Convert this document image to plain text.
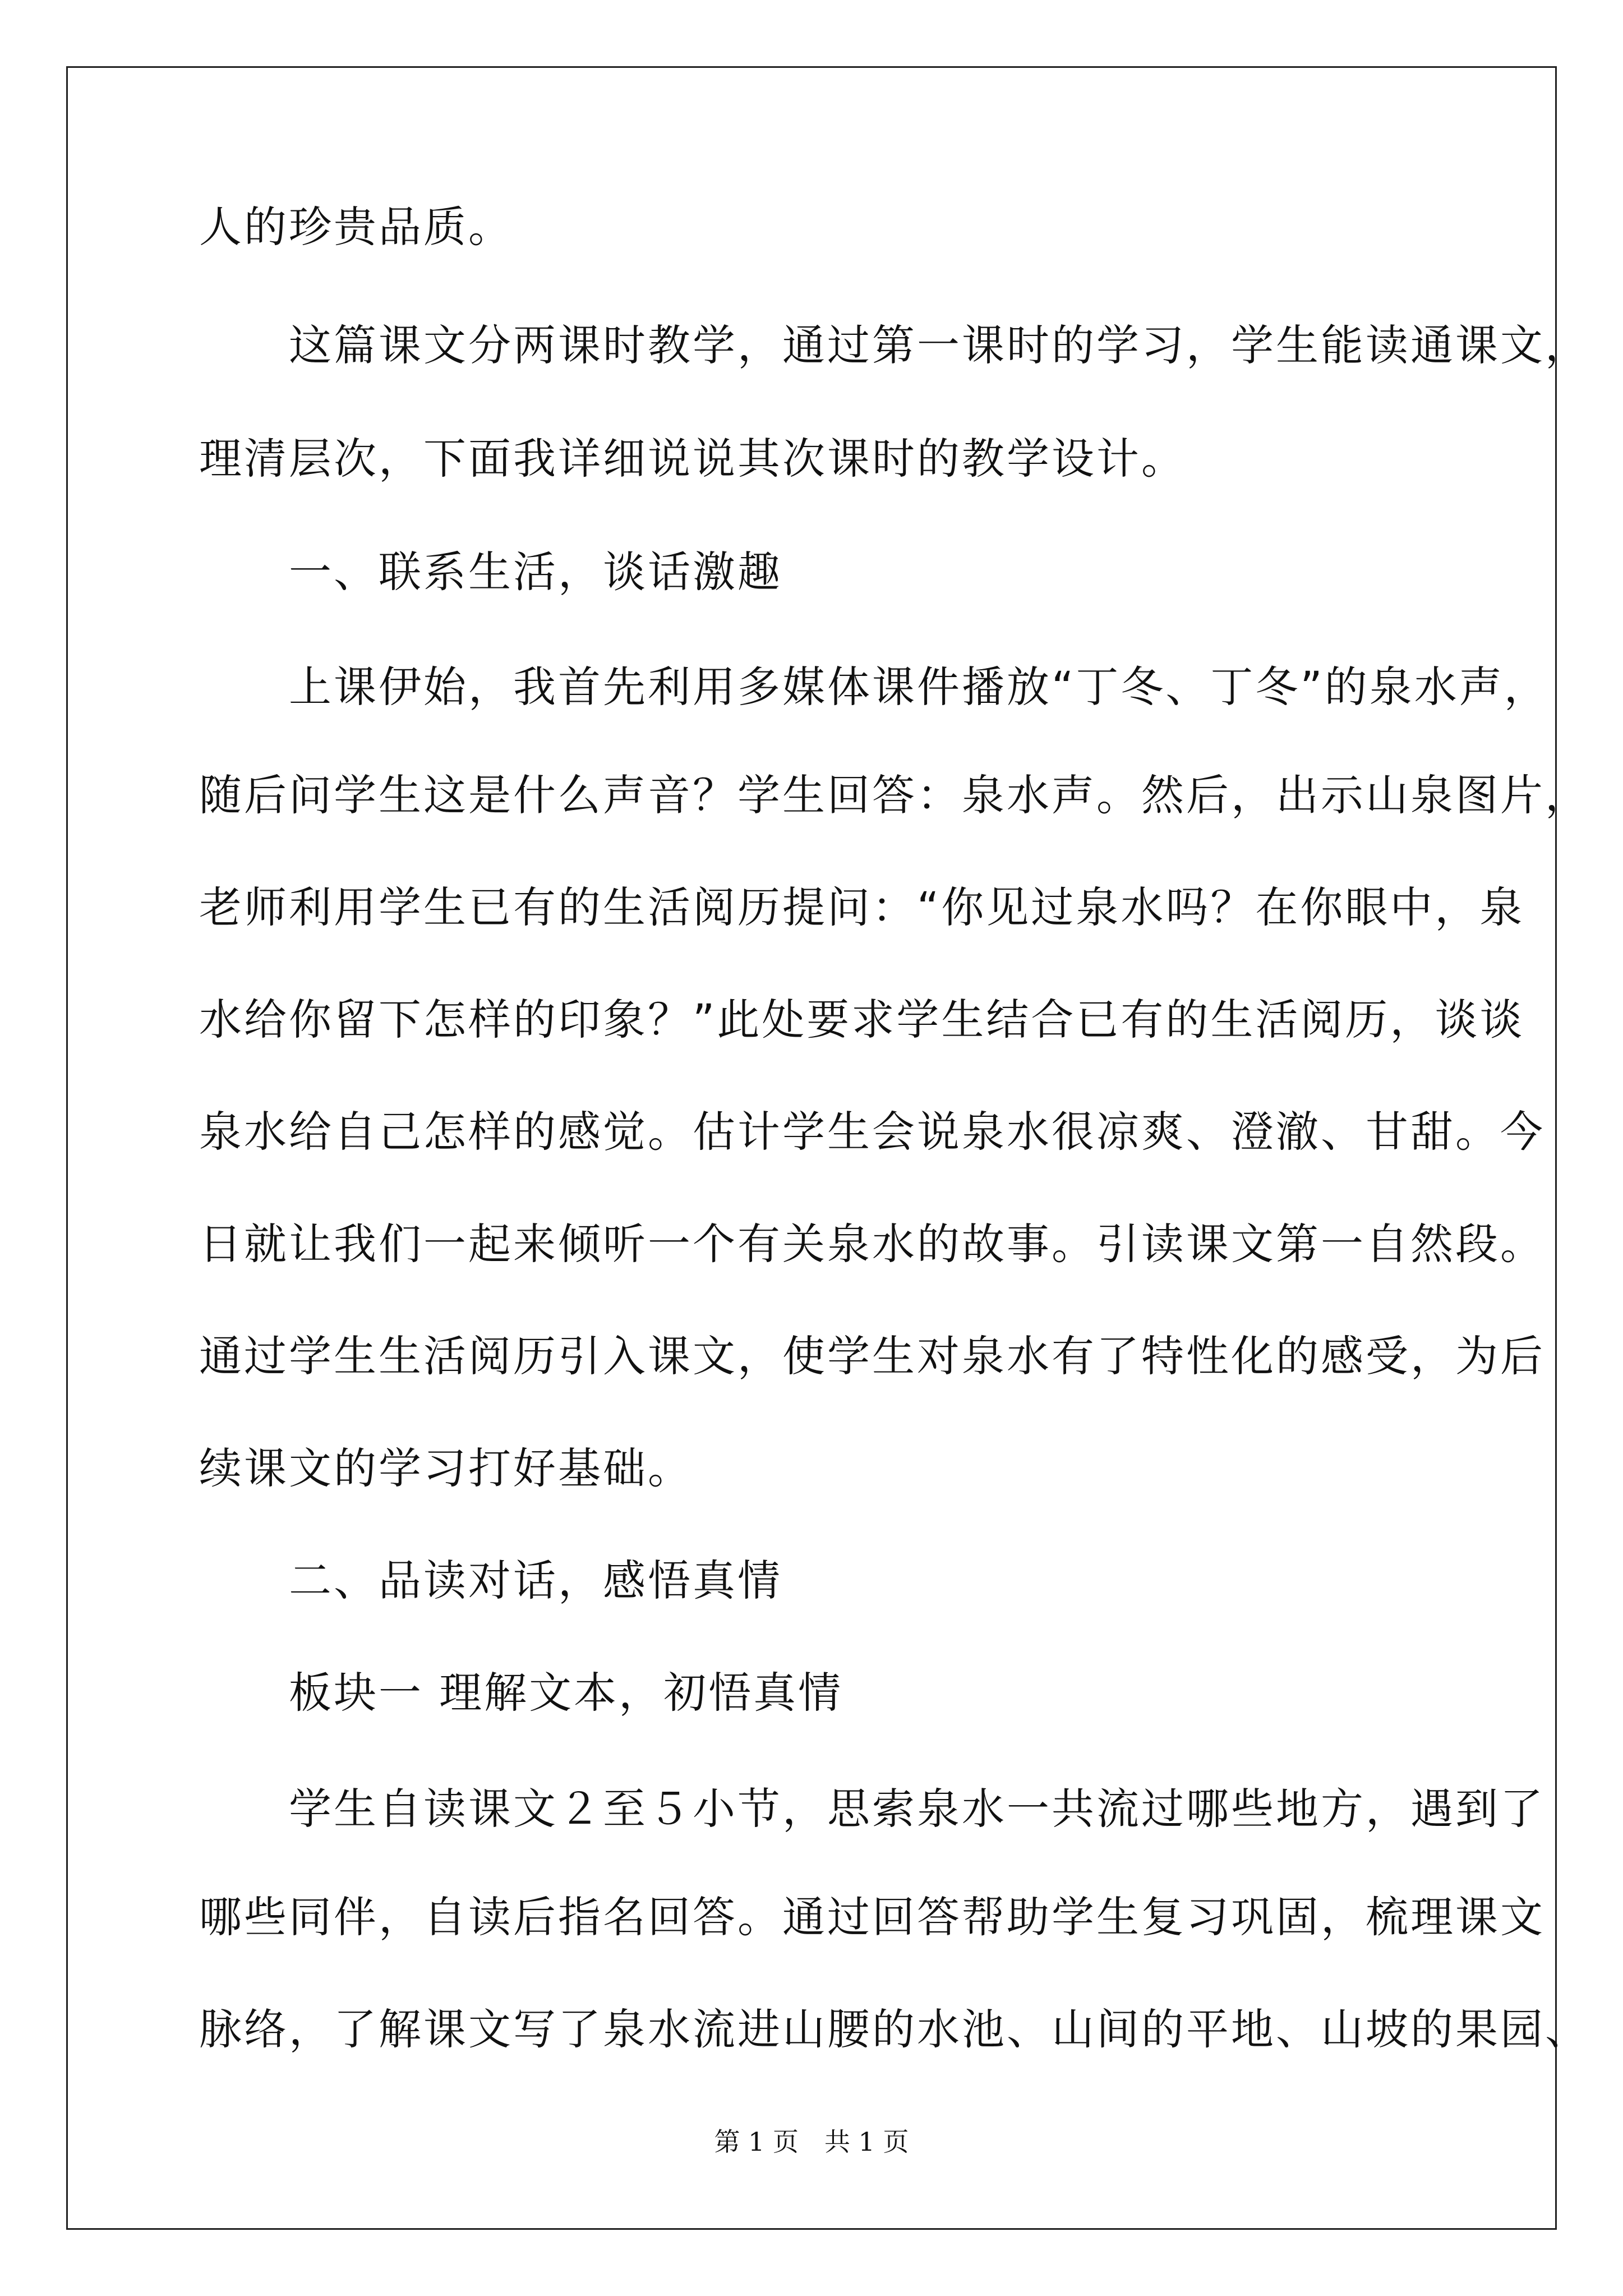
人的珍贵品质。
　　这篇课文分两课时教学，通过第一课时的学习，学生能读通课文，
理清层次，下面我详细说说其次课时的教学设计。
　　一、联系生活，谈话激趣
　　上课伊始，我首先利用多媒体课件播放“丁冬、丁冬”的泉水声，
随后问学生这是什么声音？学生回答：泉水声。然后，出示山泉图片，
老师利用学生已有的生活阅历提问：“你见过泉水吗？在你眼中，泉
水给你留下怎样的印象？”此处要求学生结合已有的生活阅历，谈谈
泉水给自己怎样的感觉。估计学生会说泉水很凉爽、澄澈、甘甜。今
日就让我们一起来倾听一个有关泉水的故事。引读课文第一自然段。
通过学生生活阅历引入课文，使学生对泉水有了特性化的感受，为后
续课文的学习打好基础。
　　二、品读对话，感悟真情
　　板块一 理解文本，初悟真情
　　学生自读课文２至５小节，思索泉水一共流过哪些地方，遇到了
哪些同伴，自读后指名回答。通过回答帮助学生复习巩固，梳理课文
脉络，了解课文写了泉水流进山腰的水池、山间的平地、山坡的果园、
第 1 页　共 1 页
